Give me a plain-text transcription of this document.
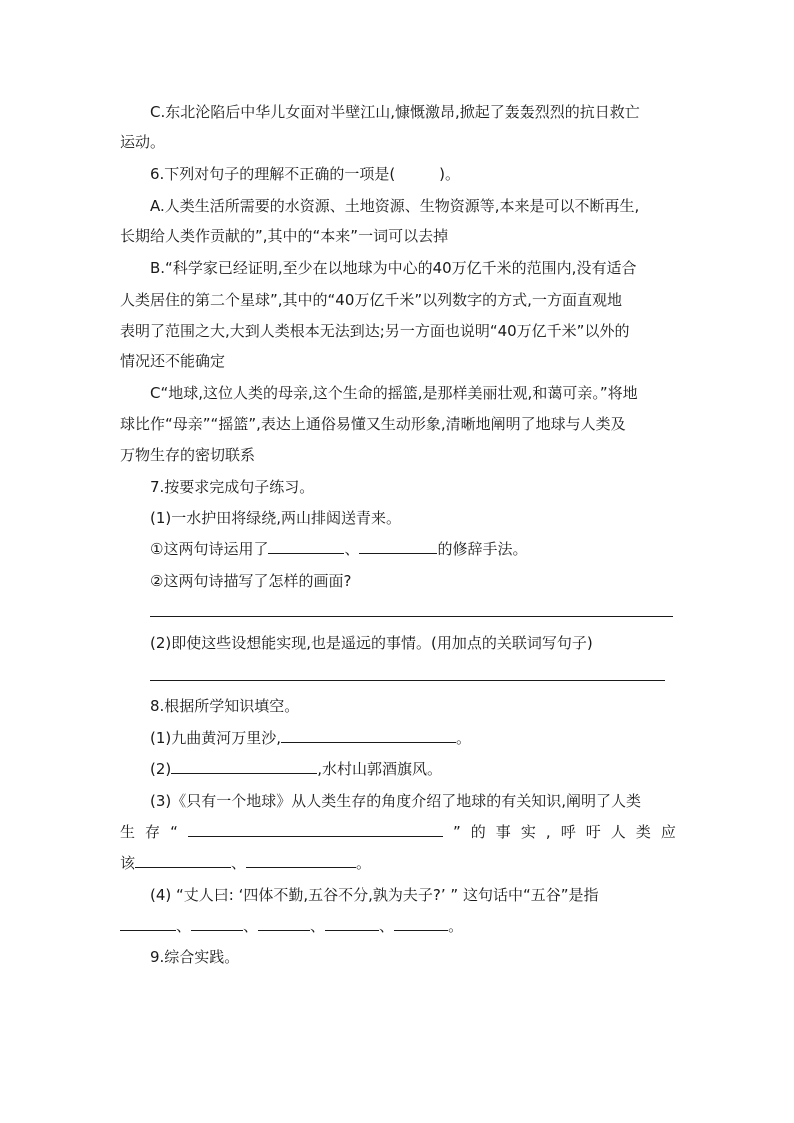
C.东北沦陷后中华儿女面对半壁江山,慷慨激昂,掀起了轰轰烈烈的抗日救亡
运动。
6.下列对句子的理解不正确的一项是(	)。
A.人类生活所需要的水资源、土地资源、生物资源等,本来是可以不断再生,
长期给人类作贡献的”,其中的“本来”一词可以去掉
B.“科学家已经证明,至少在以地球为中心的40万亿千米的范围内,没有适合
人类居住的第二个星球”,其中的“40万亿千米”以列数字的方式,一方面直观地
表明了范围之大,大到人类根本无法到达;另一方面也说明“40万亿千米”以外的
情况还不能确定
C“地球,这位人类的母亲,这个生命的摇篮,是那样美丽壮观,和蔼可亲。”将地
球比作“母亲”“摇篮”,表达上通俗易懂又生动形象,清晰地阐明了地球与人类及
万物生存的密切联系
7.按要求完成句子练习。
(1)一水护田将绿绕,两山排闼送青来。
①这两句诗运用了	、	的修辞手法。
②这两句诗描写了怎样的画面?
(2)即使这些设想能实现,也是遥远的事情。(用加点的关联词写句子)
8.根据所学知识填空。
(1)九曲黄河万里沙,	。
(2)	,水村山郭酒旗风。
(3)《只有一个地球》从人类生存的角度介绍了地球的有关知识,阐明了人类
生 存 “	” 的 事 实 , 呼 吁 人 类 应
该	、	。
(4) “丈人曰: ‘四体不勤,五谷不分,孰为夫子?’ ” 这句话中“五谷”是指
、	、	、	、	。
9.综合实践。
